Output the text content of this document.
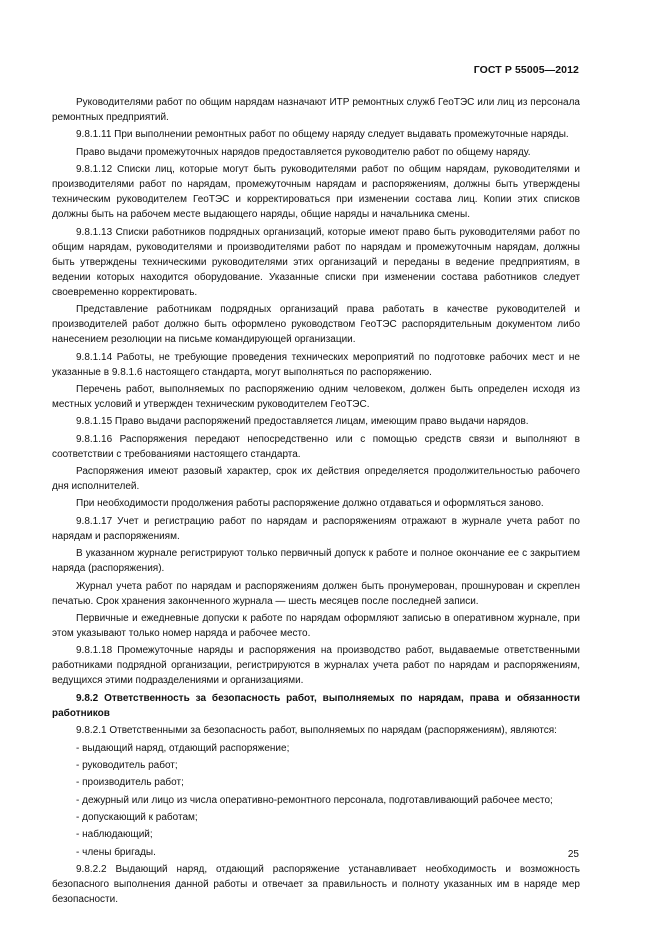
ГОСТ Р 55005—2012

Руководителями работ по общим нарядам назначают ИТР ремонтных служб ГеоТЭС или лиц из персонала ремонтных предприятий.

9.8.1.11 При выполнении ремонтных работ по общему наряду следует выдавать промежуточные наряды.

Право выдачи промежуточных нарядов предоставляется руководителю работ по общему наряду.

9.8.1.12 Списки лиц, которые могут быть руководителями работ по общим нарядам, руководителями и производителями работ по нарядам, промежуточным нарядам и распоряжениям, должны быть утверждены техническим руководителем ГеоТЭС и корректироваться при изменении состава лиц. Копии этих списков должны быть на рабочем месте выдающего наряды, общие наряды и начальника смены.

9.8.1.13 Списки работников подрядных организаций, которые имеют право быть руководителями работ по общим нарядам, руководителями и производителями работ по нарядам и промежуточным нарядам, должны быть утверждены техническими руководителями этих организаций и переданы в ведение предприятиям, в ведении которых находится оборудование. Указанные списки при изменении состава работников следует своевременно корректировать.

Представление работникам подрядных организаций права работать в качестве руководителей и производителей работ должно быть оформлено руководством ГеоТЭС распорядительным документом либо нанесением резолюции на письме командирующей организации.

9.8.1.14 Работы, не требующие проведения технических мероприятий по подготовке рабочих мест и не указанные в 9.8.1.6 настоящего стандарта, могут выполняться по распоряжению.

Перечень работ, выполняемых по распоряжению одним человеком, должен быть определен исходя из местных условий и утвержден техническим руководителем ГеоТЭС.

9.8.1.15 Право выдачи распоряжений предоставляется лицам, имеющим право выдачи нарядов.

9.8.1.16 Распоряжения передают непосредственно или с помощью средств связи и выполняют в соответствии с требованиями настоящего стандарта.

Распоряжения имеют разовый характер, срок их действия определяется продолжительностью рабочего дня исполнителей.

При необходимости продолжения работы распоряжение должно отдаваться и оформляться заново.

9.8.1.17 Учет и регистрацию работ по нарядам и распоряжениям отражают в журнале учета работ по нарядам и распоряжениям.

В указанном журнале регистрируют только первичный допуск к работе и полное окончание ее с закрытием наряда (распоряжения).

Журнал учета работ по нарядам и распоряжениям должен быть пронумерован, прошнурован и скреплен печатью. Срок хранения законченного журнала — шесть месяцев после последней записи.

Первичные и ежедневные допуски к работе по нарядам оформляют записью в оперативном журнале, при этом указывают только номер наряда и рабочее место.

9.8.1.18 Промежуточные наряды и распоряжения на производство работ, выдаваемые ответственными работниками подрядной организации, регистрируются в журналах учета работ по нарядам и распоряжениям, ведущихся этими подразделениями и организациями.

9.8.2 Ответственность за безопасность работ, выполняемых по нарядам, права и обязанности работников

9.8.2.1 Ответственными за безопасность работ, выполняемых по нарядам (распоряжениям), являются:

- выдающий наряд, отдающий распоряжение;

- руководитель работ;

- производитель работ;

- дежурный или лицо из числа оперативно-ремонтного персонала, подготавливающий рабочее место;

- допускающий к работам;

- наблюдающий;

- члены бригады.

9.8.2.2 Выдающий наряд, отдающий распоряжение устанавливает необходимость и возможность безопасного выполнения данной работы и отвечает за правильность и полноту указанных им в наряде мер безопасности.

25
